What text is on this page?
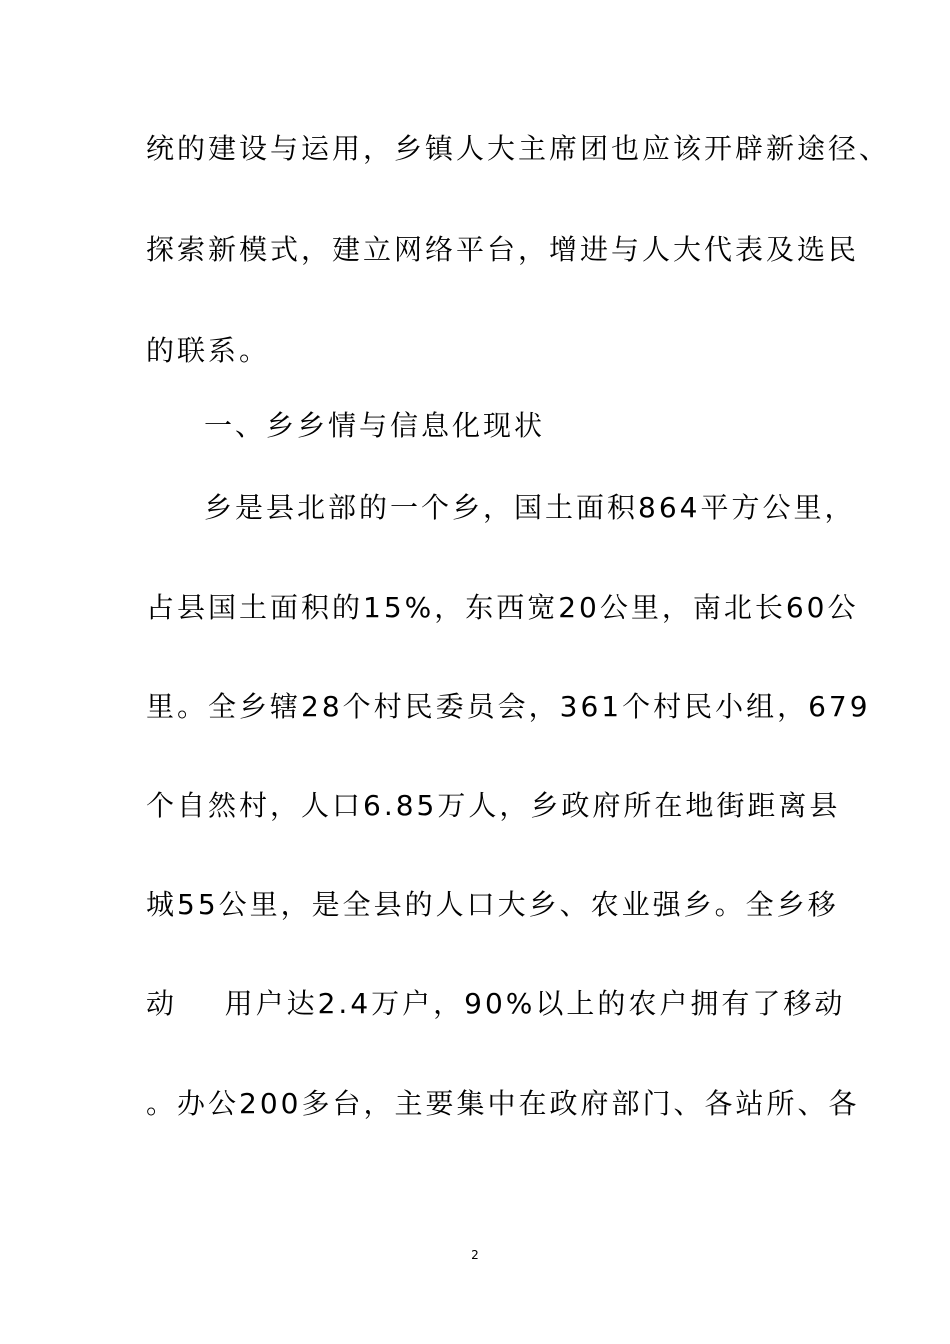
统的建设与运用，乡镇人大主席团也应该开辟新途径、
探索新模式，建立网络平台，增进与人大代表及选民
的联系。
一、乡乡情与信息化现状
乡是县北部的一个乡，国土面积864平方公里，
占县国土面积的15%，东西宽20公里，南北长60公
里。全乡辖28个村民委员会，361个村民小组，679
个自然村，人口6.85万人，乡政府所在地街距离县
城55公里，是全县的人口大乡、农业强乡。全乡移
动    用户达2.4万户，90%以上的农户拥有了移动
。办公200多台，主要集中在政府部门、各站所、各
2
